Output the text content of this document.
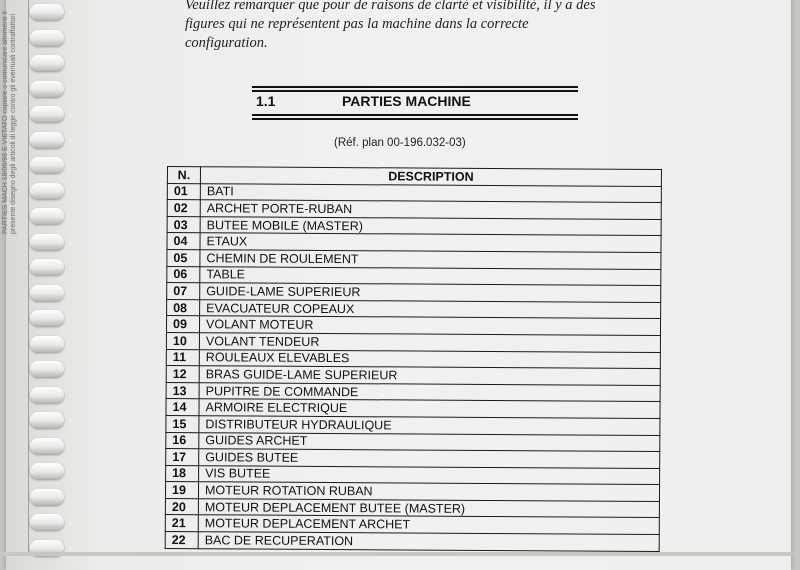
PARTIES MACH 18/06/98 E VIETATO copiare o comunicare altrimenti il presente disegno degli articoli di legge contro gli eventuali contraffattori
Veuillez remarquer que pour de raisons de clarté et visibilité, il y a des
figures qui ne représentent pas la machine dans la correcte
configuration.
1.1	PARTIES MACHINE
(Réf. plan 00-196.032-03)
N.	DESCRIPTION
01	BATI
02	ARCHET PORTE-RUBAN
03	BUTEE MOBILE (MASTER)
04	ETAUX
05	CHEMIN DE ROULEMENT
06	TABLE
07	GUIDE-LAME SUPERIEUR
08	EVACUATEUR COPEAUX
09	VOLANT MOTEUR
10	VOLANT TENDEUR
11	ROULEAUX ELEVABLES
12	BRAS GUIDE-LAME SUPERIEUR
13	PUPITRE DE COMMANDE
14	ARMOIRE ELECTRIQUE
15	DISTRIBUTEUR HYDRAULIQUE
16	GUIDES ARCHET
17	GUIDES BUTEE
18	VIS BUTEE
19	MOTEUR ROTATION RUBAN
20	MOTEUR DEPLACEMENT BUTEE (MASTER)
21	MOTEUR DEPLACEMENT ARCHET
22	BAC DE RECUPERATION
